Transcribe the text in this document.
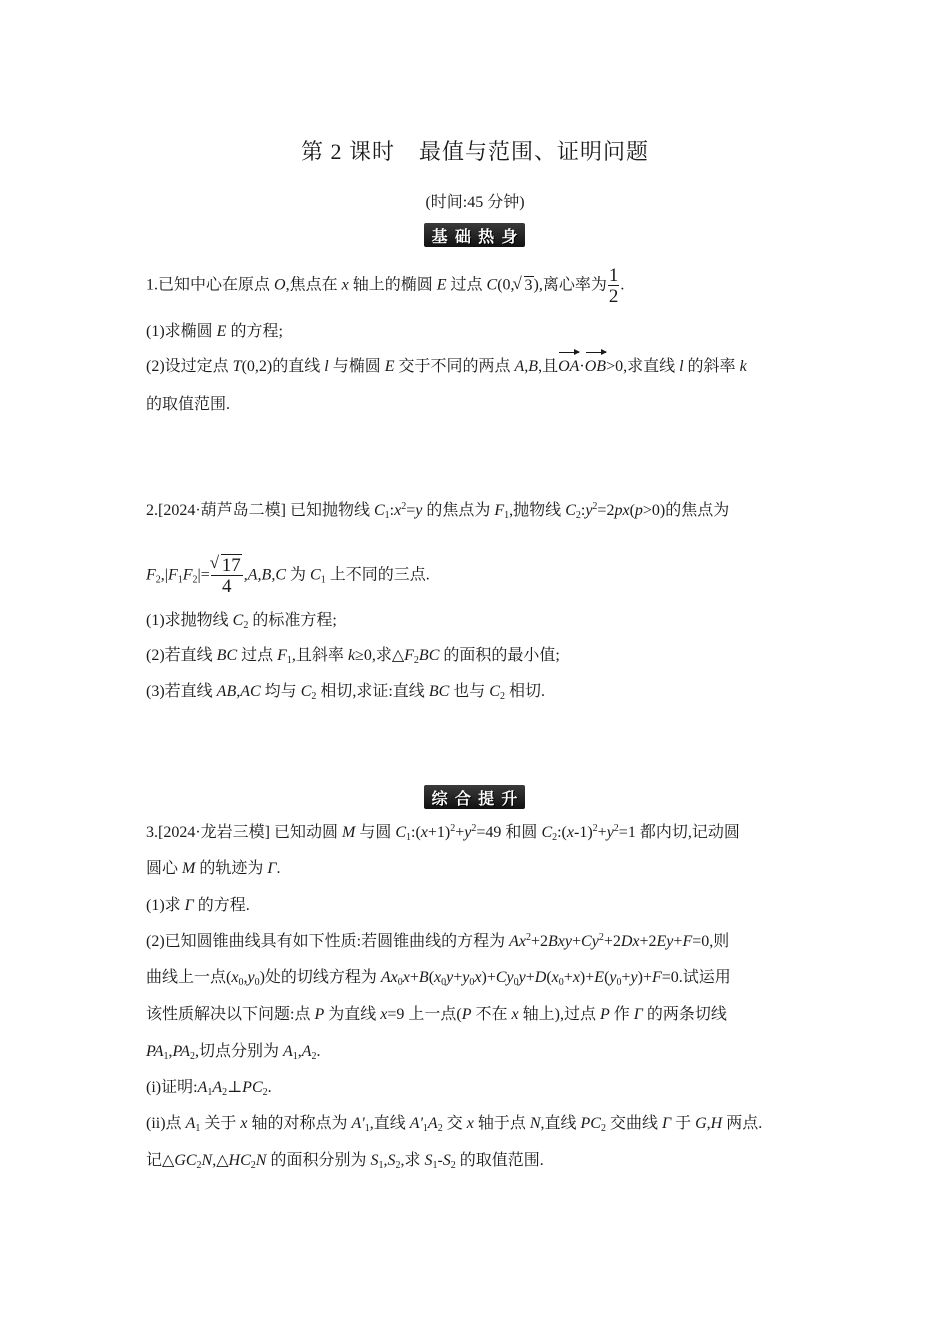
第 2 课时 最值与范围、证明问题
(时间:45 分钟)
基 础 热 身
1.已知中心在原点 O,焦点在 x 轴上的椭圆 E 过点 C(0, √ 3),离心率为 $\frac{1}{2}$ .
(1)求椭圆 E 的方程;
(2)设过定点 T(0,2)的直线 l 与椭圆 E 交于不同的两点 A,B,且OA·OB>0,求直线 l 的斜率 k
的取值范围.
2.[2024·葫芦岛二模] 已知抛物线 $C_1:x^2=y$ 的焦点为 $F_1$,抛物线 $C_2:y^2=2px(p>0)$的焦点为
$F_2,|F_1F_2|=$ √ $\frac{17}{4} ,A,B,C$ 为 $C_1$ 上不同的三点.
(1)求抛物线 $C_2$ 的标准方程;
(2)若直线 BC 过点 $F_1$,且斜率 k≥0,求$\triangle F_2BC$ 的面积的最小值;
(3)若直线 AB,AC 均与 $C_2$ 相切,求证:直线 BC 也与 $C_2$ 相切.
综 合 提 升
3.[2024·龙岩三模] 已知动圆 M 与圆 $C_1:(x+1)^2+y^2=49$ 和圆 $C_2:(x-1)^2+y^2=1$ 都内切,记动圆
圆心 M 的轨迹为 Γ.
(1)求 Γ 的方程.
(2)已知圆锥曲线具有如下性质:若圆锥曲线的方程为 $Ax^2+2Bxy+Cy^2+2Dx+2Ey+F=0$,则
曲线上一点$(x_0,y_0)$处的切线方程为 $Ax_0x+B(x_0y+y_0x)+Cy_0y+D(x_0+x)+E(y_0+y)+F=0$.试运用
该性质解决以下问题:点 P 为直线 x=9 上一点(P 不在 x 轴上),过点 P 作 Γ 的两条切线
$PA_1,PA_2$,切点分别为 $A_1,A_2$.
(i)证明$:A_1A_2\perp PC_2$.
(ii)点 $A_1$ 关于 x 轴的对称点为 $A'_1$,直线 $A'_1A_2$ 交 x 轴于点 N,直线 $PC_2$ 交曲线 Γ 于 G,H 两点.
记$\triangle GC_2N,\triangle HC_2N$ 的面积分别为 $S_1,S_2$,求 $S_1-S_2$ 的取值范围.
